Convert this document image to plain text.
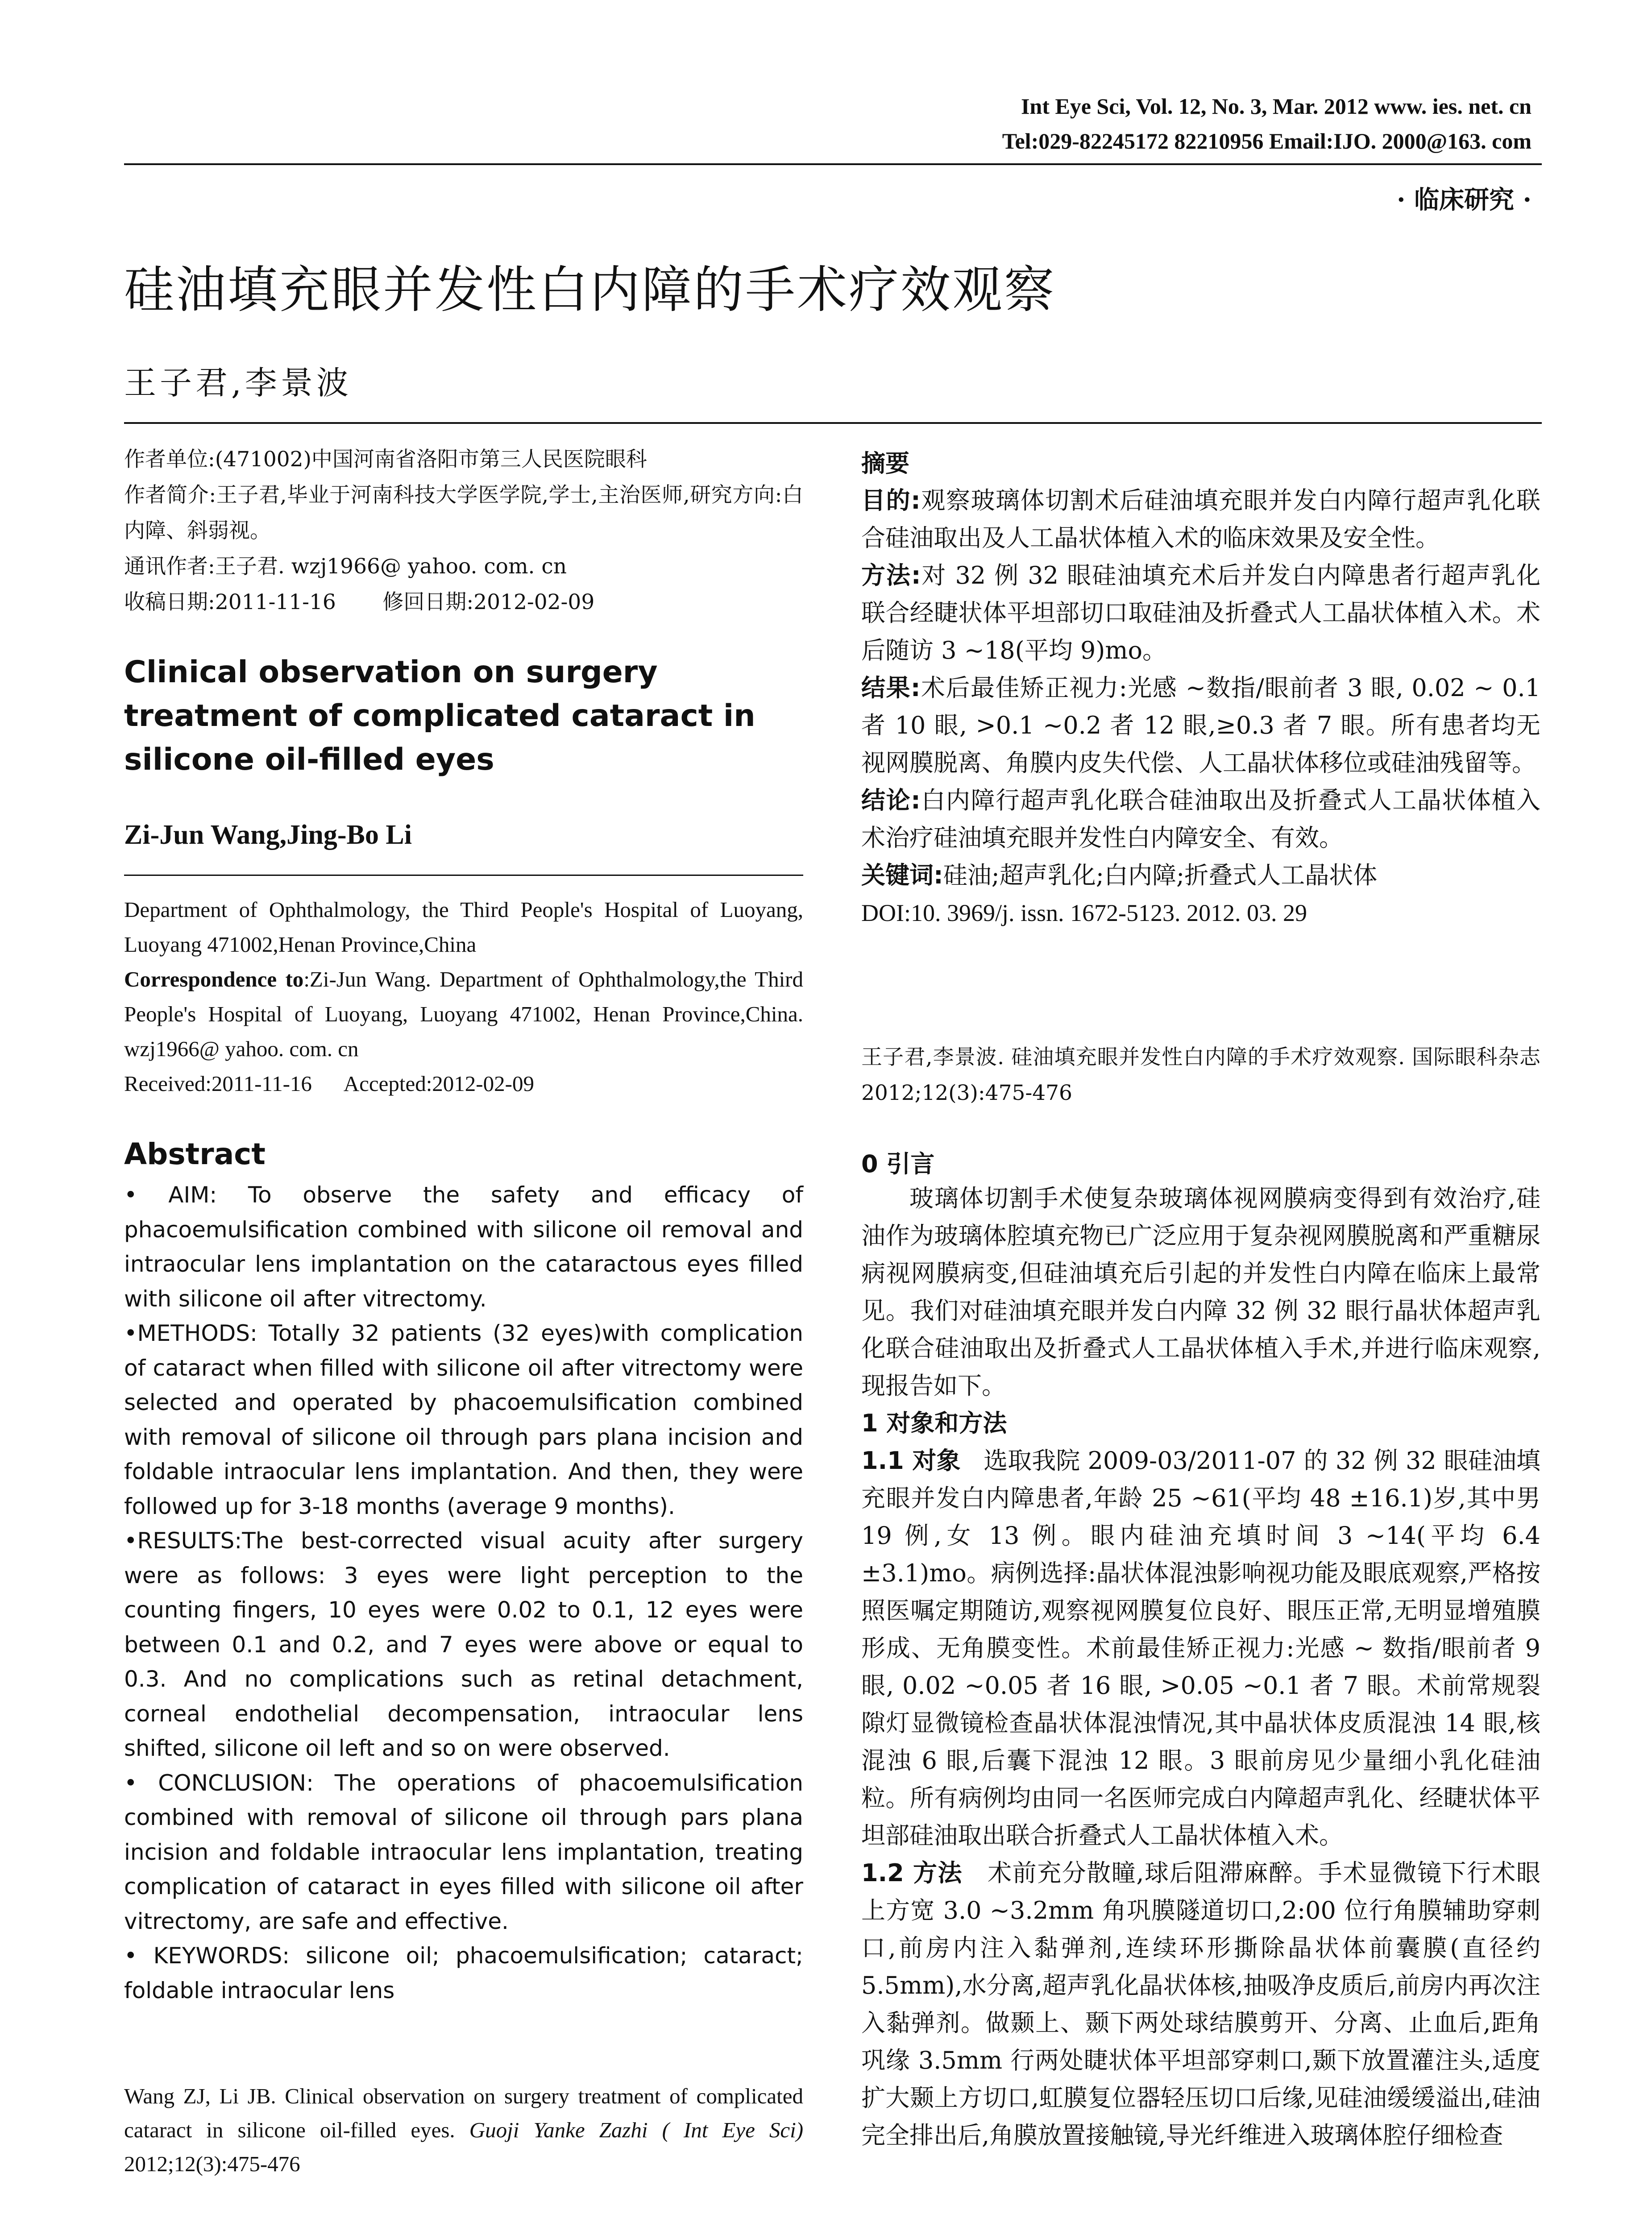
Int Eye Sci, Vol. 12, No. 3, Mar. 2012 www. ies. net. cn
Tel:029-82245172 82210956 Email:IJO. 2000@163. com
· 临床研究 ·
硅油填充眼并发性白内障的手术疗效观察
王子君,李景波
作者单位:(471002)中国河南省洛阳市第三人民医院眼科
作者简介:王子君,毕业于河南科技大学医学院,学士,主治医师,研究方向:白内障、斜弱视。
通讯作者:王子君. wzj1966@ yahoo. com. cn
收稿日期:2011-11-16       修回日期:2012-02-09
Clinical observation on surgery treatment of complicated cataract in silicone oil-filled eyes
Zi-Jun Wang,Jing-Bo Li
Department of Ophthalmology, the Third People's Hospital of Luoyang, Luoyang 471002,Henan Province,China
Correspondence to:Zi-Jun Wang. Department of Ophthalmology,the Third People's Hospital of Luoyang, Luoyang 471002, Henan Province,China. wzj1966@ yahoo. com. cn
Received:2011-11-16      Accepted:2012-02-09
Abstract

• AIM: To observe the safety and efficacy of phacoemulsification combined with silicone oil removal and intraocular lens implantation on the cataractous eyes filled with silicone oil after vitrectomy.

•METHODS: Totally 32 patients (32 eyes)with complication of cataract when filled with silicone oil after vitrectomy were selected and operated by phacoemulsification combined with removal of silicone oil through pars plana incision and foldable intraocular lens implantation. And then, they were followed up for 3-18 months (average 9 months).

•RESULTS:The best-corrected visual acuity after surgery were as follows: 3 eyes were light perception to the counting fingers, 10 eyes were 0.02 to 0.1, 12 eyes were between 0.1 and 0.2, and 7 eyes were above or equal to 0.3. And no complications such as retinal detachment, corneal endothelial decompensation, intraocular lens shifted, silicone oil left and so on were observed.

• CONCLUSION: The operations of phacoemulsification combined with removal of silicone oil through pars plana incision and foldable intraocular lens implantation, treating complication of cataract in eyes filled with silicone oil after vitrectomy, are safe and effective.

• KEYWORDS: silicone oil; phacoemulsification; cataract; foldable intraocular lens

Wang ZJ, Li JB. Clinical observation on surgery treatment of complicated cataract in silicone oil-filled eyes. Guoji Yanke Zazhi ( Int Eye Sci) 2012;12(3):475-476
摘要

目的:观察玻璃体切割术后硅油填充眼并发白内障行超声乳化联合硅油取出及人工晶状体植入术的临床效果及安全性。

方法:对 32 例 32 眼硅油填充术后并发白内障患者行超声乳化联合经睫状体平坦部切口取硅油及折叠式人工晶状体植入术。术后随访 3 ~18(平均 9)mo。

结果:术后最佳矫正视力:光感 ~数指/眼前者 3 眼, 0.02 ~ 0.1 者 10 眼, >0.1 ~0.2 者 12 眼,≥0.3 者 7 眼。所有患者均无视网膜脱离、角膜内皮失代偿、人工晶状体移位或硅油残留等。

结论:白内障行超声乳化联合硅油取出及折叠式人工晶状体植入术治疗硅油填充眼并发性白内障安全、有效。

关键词:硅油;超声乳化;白内障;折叠式人工晶状体

DOI:10. 3969/j. issn. 1672-5123. 2012. 03. 29

王子君,李景波. 硅油填充眼并发性白内障的手术疗效观察. 国际眼科杂志 2012;12(3):475-476
0 引言

玻璃体切割手术使复杂玻璃体视网膜病变得到有效治疗,硅油作为玻璃体腔填充物已广泛应用于复杂视网膜脱离和严重糖尿病视网膜病变,但硅油填充后引起的并发性白内障在临床上最常见。我们对硅油填充眼并发白内障 32 例 32 眼行晶状体超声乳化联合硅油取出及折叠式人工晶状体植入手术,并进行临床观察,现报告如下。

1 对象和方法

1.1 对象 选取我院 2009-03/2011-07 的 32 例 32 眼硅油填充眼并发白内障患者,年龄 25 ~61(平均 48 ±16.1)岁,其中男 19 例,女 13 例。眼内硅油充填时间 3 ~14(平均 6.4 ±3.1)mo。病例选择:晶状体混浊影响视功能及眼底观察,严格按照医嘱定期随访,观察视网膜复位良好、眼压正常,无明显增殖膜形成、无角膜变性。术前最佳矫正视力:光感 ~ 数指/眼前者 9 眼, 0.02 ~0.05 者 16 眼, >0.05 ~0.1 者 7 眼。术前常规裂隙灯显微镜检查晶状体混浊情况,其中晶状体皮质混浊 14 眼,核混浊 6 眼,后囊下混浊 12 眼。3 眼前房见少量细小乳化硅油粒。所有病例均由同一名医师完成白内障超声乳化、经睫状体平坦部硅油取出联合折叠式人工晶状体植入术。

1.2 方法 术前充分散瞳,球后阻滞麻醉。手术显微镜下行术眼上方宽 3.0 ~3.2mm 角巩膜隧道切口,2:00 位行角膜辅助穿刺口,前房内注入黏弹剂,连续环形撕除晶状体前囊膜(直径约 5.5mm),水分离,超声乳化晶状体核,抽吸净皮质后,前房内再次注入黏弹剂。做颞上、颞下两处球结膜剪开、分离、止血后,距角巩缘 3.5mm 行两处睫状体平坦部穿刺口,颞下放置灌注头,适度扩大颞上方切口,虹膜复位器轻压切口后缘,见硅油缓缓溢出,硅油完全排出后,角膜放置接触镜,导光纤维进入玻璃体腔仔细检查
